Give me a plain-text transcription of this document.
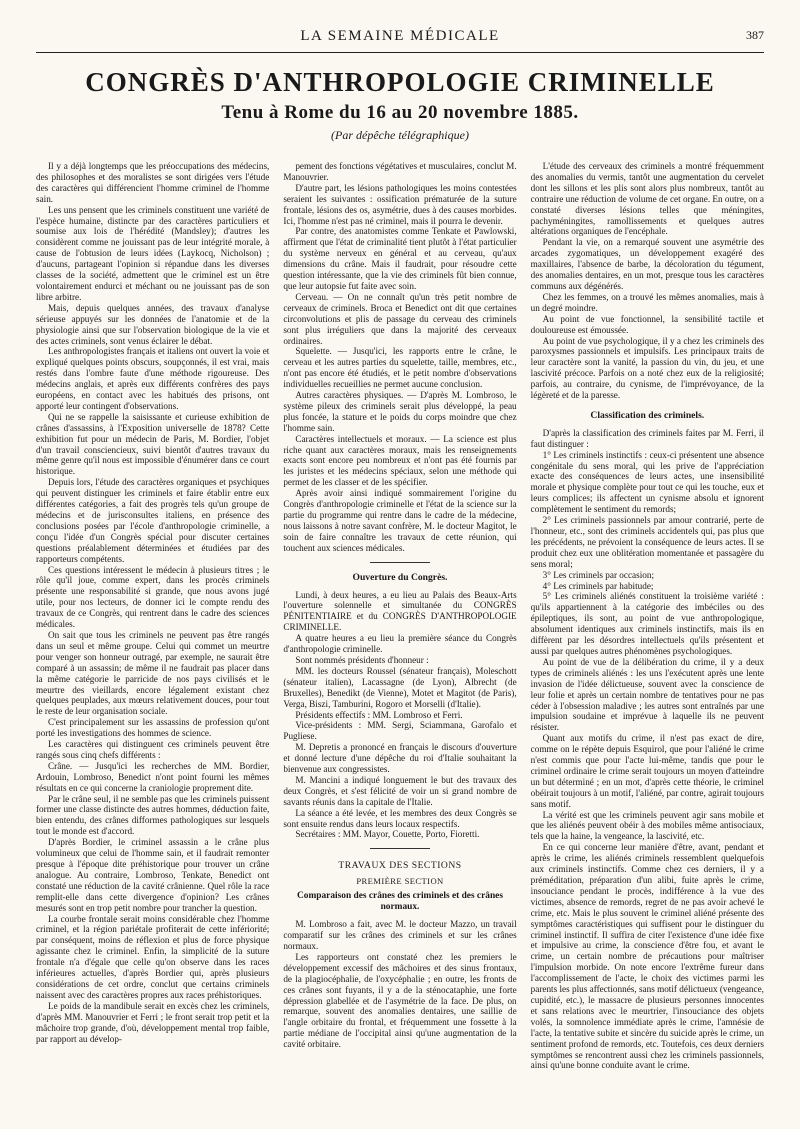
LA SEMAINE MÉDICALE	387
CONGRÈS D'ANTHROPOLOGIE CRIMINELLE
Tenu à Rome du 16 au 20 novembre 1885.
(Par dépêche télégraphique)

Il y a déjà longtemps que les préoccupations des médecins, des philosophes et des moralistes se sont dirigées vers l'étude des caractères qui différencient l'homme criminel de l'homme sain.

Les uns pensent que les criminels constituent une variété de l'espèce humaine, distincte par des caractères particuliers et soumise aux lois de l'hérédité (Mandsley); d'autres les considèrent comme ne jouissant pas de leur intégrité morale, à cause de l'obtusion de leurs idées (Laykocq, Nicholson) ; d'aucuns, partageant l'opinion si répandue dans les diverses classes de la société, admettent que le criminel est un être volontairement endurci et méchant ou ne jouissant pas de son libre arbitre.

Mais, depuis quelques années, des travaux d'analyse sérieuse appuyés sur les données de l'anatomie et de la physiologie ainsi que sur l'observation biologique de la vie et des actes criminels, sont venus éclairer le débat.

Les anthropologistes français et italiens ont ouvert la voie et expliqué quelques points obscurs, soupçonnés, il est vrai, mais restés dans l'ombre faute d'une méthode rigoureuse. Des médecins anglais, et après eux différents confrères des pays européens, en contact avec les habitués des prisons, ont apporté leur contingent d'observations.

Qui ne se rappelle la saisissante et curieuse exhibition de crânes d'assassins, à l'Exposition universelle de 1878? Cette exhibition fut pour un médecin de Paris, M. Bordier, l'objet d'un travail consciencieux, suivi bientôt d'autres travaux du même genre qu'il nous est impossible d'énumérer dans ce court historique.

Depuis lors, l'étude des caractères organiques et psychiques qui peuvent distinguer les criminels et faire établir entre eux différentes catégories, a fait des progrès tels qu'un groupe de médecins et de jurisconsultes italiens, en présence des conclusions posées par l'école d'anthropologie criminelle, a conçu l'idée d'un Congrès spécial pour discuter certaines questions préalablement déterminées et étudiées par des rapporteurs compétents.

Ces questions intéressent le médecin à plusieurs titres ; le rôle qu'il joue, comme expert, dans les procès criminels présente une responsabilité si grande, que nous avons jugé utile, pour nos lecteurs, de donner ici le compte rendu des travaux de ce Congrès, qui rentrent dans le cadre des sciences médicales.

On sait que tous les criminels ne peuvent pas être rangés dans un seul et même groupe. Celui qui commet un meurtre pour venger son honneur outragé, par exemple, ne saurait être comparé à un assassin; de même il ne faudrait pas placer dans la même catégorie le parricide de nos pays civilisés et le meurtre des vieillards, encore légalement existant chez quelques peuplades, aux mœurs relativement douces, pour tout le reste de leur organisation sociale.

C'est principalement sur les assassins de profession qu'ont porté les investigations des hommes de science.

Les caractères qui distinguent ces criminels peuvent être rangés sous cinq chefs différents :

Crâne. — Jusqu'ici les recherches de MM. Bordier, Ardouin, Lombroso, Benedict n'ont point fourni les mêmes résultats en ce qui concerne la craniologie proprement dite.

Par le crâne seul, il ne semble pas que les criminels puissent former une classe distincte des autres hommes, déduction faite, bien entendu, des crânes difformes pathologiques sur lesquels tout le monde est d'accord.

D'après Bordier, le criminel assassin a le crâne plus volumineux que celui de l'homme sain, et il faudrait remonter presque à l'époque dite préhistorique pour trouver un crâne analogue. Au contraire, Lombroso, Tenkate, Benedict ont constaté une réduction de la cavité crânienne. Quel rôle la race remplit-elle dans cette divergence d'opinion? Les crânes mesurés sont en trop petit nombre pour trancher la question.

La courbe frontale serait moins considérable chez l'homme criminel, et la région pariétale profiterait de cette infériorité; par conséquent, moins de réflexion et plus de force physique agissante chez le criminel. Enfin, la simplicité de la suture frontale n'a d'égale que celle qu'on observe dans les races inférieures actuelles, d'après Bordier qui, après plusieurs considérations de cet ordre, conclut que certains criminels naissent avec des caractères propres aux races préhistoriques.

Le poids de la mandibule serait en excès chez les criminels, d'après MM. Manouvrier et Ferri ; le front serait trop petit et la mâchoire trop grande, d'où, développement mental trop faible, par rapport au dévelop-

pement des fonctions végétatives et musculaires, conclut M. Manouvrier.

D'autre part, les lésions pathologiques les moins contestées seraient les suivantes : ossification prématurée de la suture frontale, lésions des os, asymétrie, dues à des causes morbides. Ici, l'homme n'est pas né criminel, mais il pourra le devenir.

Par contre, des anatomistes comme Tenkate et Pawlowski, affirment que l'état de criminalité tient plutôt à l'état particulier du système nerveux en général et au cerveau, qu'aux dimensions du crâne. Mais il faudrait, pour résoudre cette question intéressante, que la vie des criminels fût bien connue, que leur autopsie fut faite avec soin.

Cerveau. — On ne connaît qu'un très petit nombre de cerveaux de criminels. Broca et Benedict ont dit que certaines circonvolutions et plis de passage du cerveau des criminels sont plus irréguliers que dans la majorité des cerveaux ordinaires.

Squelette. — Jusqu'ici, les rapports entre le crâne, le cerveau et les autres parties du squelette, taille, membres, etc., n'ont pas encore été étudiés, et le petit nombre d'observations individuelles recueillies ne permet aucune conclusion.

Autres caractères physiques. — D'après M. Lombroso, le système pileux des criminels serait plus développé, la peau plus foncée, la stature et le poids du corps moindre que chez l'homme sain.

Caractères intellectuels et moraux. — La science est plus riche quant aux caractères moraux, mais les renseignements exacts sont encore peu nombreux et n'ont pas été fournis par les juristes et les médecins spéciaux, selon une méthode qui permet de les classer et de les spécifier.

Après avoir ainsi indiqué sommairement l'origine du Congrès d'anthropologie criminelle et l'état de la science sur la partie du programme qui rentre dans le cadre de la médecine, nous laissons à notre savant confrère, M. le docteur Magitot, le soin de faire connaître les travaux de cette réunion, qui touchent aux sciences médicales.

Ouverture du Congrès.

Lundi, à deux heures, a eu lieu au Palais des Beaux-Arts l'ouverture solennelle et simultanée du CONGRÈS PÉNITENTIAIRE et du CONGRÈS D'ANTHROPOLOGIE CRIMINELLE.

A quatre heures a eu lieu la première séance du Congrès d'anthropologie criminelle.

Sont nommés présidents d'honneur :

MM. les docteurs Roussel (sénateur français), Moleschott (sénateur italien), Lacassagne (de Lyon), Albrecht (de Bruxelles), Benedikt (de Vienne), Motet et Magitot (de Paris), Verga, Biszi, Tamburini, Rogoro et Morselli (d'Italie).

Présidents effectifs : MM. Lombroso et Ferri.

Vice-présidents : MM. Sergi, Sciammana, Garofalo et Pugliese.

M. Depretis a prononcé en français le discours d'ouverture et donné lecture d'une dépêche du roi d'Italie souhaitant la bienvenue aux congressistes.

M. Mancini a indiqué longuement le but des travaux des deux Congrès, et s'est félicité de voir un si grand nombre de savants réunis dans la capitale de l'Italie.

La séance a été levée, et les membres des deux Congrès se sont ensuite rendus dans leurs locaux respectifs.

Secrétaires : MM. Mayor, Couette, Porto, Fioretti.

TRAVAUX DES SECTIONS
PREMIÈRE SECTION
Comparaison des crânes des criminels et des crânes normaux.

M. Lombroso a fait, avec M. le docteur Mazzo, un travail comparatif sur les crânes des criminels et sur les crânes normaux.

Les rapporteurs ont constaté chez les premiers le développement excessif des mâchoires et des sinus frontaux, de la plagiocéphalie, de l'oxycéphalie ; en outre, les fronts de ces crânes sont fuyants, il y a de la sténocataphie, une forte dépression glabellée et de l'asymétrie de la face. De plus, on remarque, souvent des anomalies dentaires, une saillie de l'angle orbitaire du frontal, et fréquemment une fossette à la partie médiane de l'occipital ainsi qu'une augmentation de la cavité orbitaire.

L'étude des cerveaux des criminels a montré fréquemment des anomalies du vermis, tantôt une augmentation du cervelet dont les sillons et les plis sont alors plus nombreux, tantôt au contraire une réduction de volume de cet organe. En outre, on a constaté diverses lésions telles que méningites, pachyméningites, ramollissements et quelques autres altérations organiques de l'encéphale.

Pendant la vie, on a remarqué souvent une asymétrie des arcades zygomatiques, un développement exagéré des maxillaires, l'absence de barbe, la décoloration du tégument, des anomalies dentaires, en un mot, presque tous les caractères communs aux dégénérés.

Chez les femmes, on a trouvé les mêmes anomalies, mais à un degré moindre.

Au point de vue fonctionnel, la sensibilité tactile et douloureuse est émoussée.

Au point de vue psychologique, il y a chez les criminels des paroxysmes passionnels et impulsifs. Les principaux traits de leur caractère sont la vanité, la passion du vin, du jeu, et une lascivité précoce. Parfois on a noté chez eux de la religiosité; parfois, au contraire, du cynisme, de l'imprévoyance, de la légèreté et de la paresse.

Classification des criminels.

D'après la classification des criminels faites par M. Ferri, il faut distinguer :

1° Les criminels instinctifs : ceux-ci présentent une absence congénitale du sens moral, qui les prive de l'appréciation exacte des conséquences de leurs actes, une insensibilité morale et physique complète pour tout ce qui les touche, eux et leurs complices; ils affectent un cynisme absolu et ignorent complètement le sentiment du remords;

2° Les criminels passionnels par amour contrarié, perte de l'honneur, etc., sont des criminels accidentels qui, pas plus que les précédents, ne prévoient la conséquence de leurs actes. Il se produit chez eux une oblitération momentanée et passagère du sens moral;

3° Les criminels par occasion;

4° Les criminels par habitude;

5° Les criminels aliénés constituent la troisième variété : qu'ils appartiennent à la catégorie des imbéciles ou des épileptiques, ils sont, au point de vue anthropologique, absolument identiques aux criminels instinctifs, mais ils en diffèrent par les désordres intellectuels qu'ils présentent et aussi par quelques autres phénomènes psychologiques.

Au point de vue de la délibération du crime, il y a deux types de criminels aliénés : les uns l'exécutent après une lente invasion de l'idée délictueuse, souvent avec la conscience de leur folie et après un certain nombre de tentatives pour ne pas céder à l'obsession maladive ; les autres sont entraînés par une impulsion soudaine et imprévue à laquelle ils ne peuvent résister.

Quant aux motifs du crime, il n'est pas exact de dire, comme on le répète depuis Esquirol, que pour l'aliéné le crime n'est commis que pour l'acte lui-même, tandis que pour le criminel ordinaire le crime serait toujours un moyen d'atteindre un but déterminé ; en un mot, d'après cette théorie, le criminel obéirait toujours à un motif, l'aliéné, par contre, agirait toujours sans motif.

La vérité est que les criminels peuvent agir sans mobile et que les aliénés peuvent obéir à des mobiles même antisociaux, tels que la haine, la vengeance, la lascivité, etc.

En ce qui concerne leur manière d'être, avant, pendant et après le crime, les aliénés criminels ressemblent quelquefois aux criminels instinctifs. Comme chez ces derniers, il y a préméditation, préparation d'un alibi, fuite après le crime, insouciance pendant le procès, indifférence à la vue des victimes, absence de remords, regret de ne pas avoir achevé le crime, etc. Mais le plus souvent le criminel aliéné présente des symptômes caractéristiques qui suffisent pour le distinguer du criminel instinctif. Il suffira de citer l'existence d'une idée fixe et impulsive au crime, la conscience d'être fou, et avant le crime, un certain nombre de précautions pour maîtriser l'impulsion morbide. On note encore l'extrême fureur dans l'accomplissement de l'acte, le choix des victimes parmi les parents les plus affectionnés, sans motif délictueux (vengeance, cupidité, etc.), le massacre de plusieurs personnes innocentes et sans relations avec le meurtrier, l'insouciance des objets volés, la somnolence immédiate après le crime, l'amnésie de l'acte, la tentative subite et sincère du suicide après le crime, un sentiment profond de remords, etc. Toutefois, ces deux derniers symptômes se rencontrent aussi chez les criminels passionnels, ainsi qu'une bonne conduite avant le crime.
